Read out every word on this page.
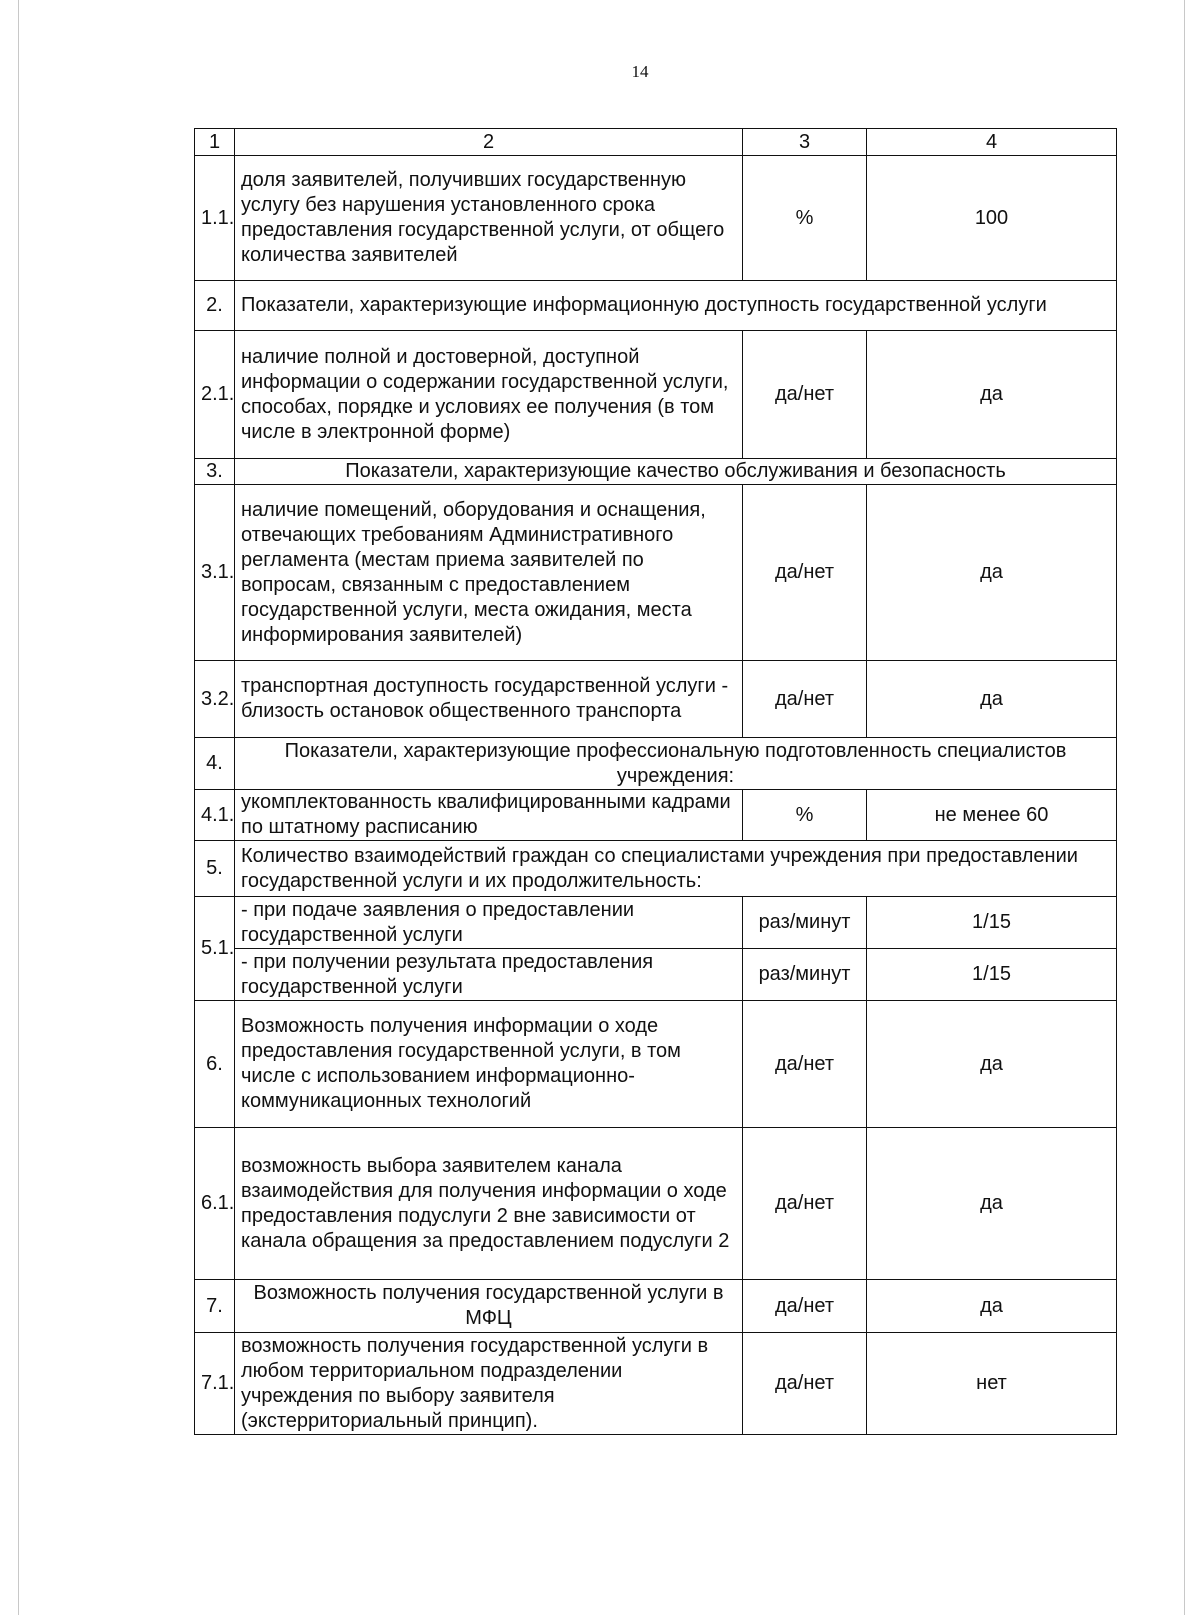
14
1	2	3	4
1.1.	доля заявителей, получивших государственную услугу без нарушения установленного срока предоставления государственной услуги, от общего количества заявителей	%	100
2.	Показатели, характеризующие информационную доступность государственной услуги		
2.1.	наличие полной и достоверной, доступной информации о содержании государственной услуги, способах, порядке и условиях ее получения (в том числе в электронной форме)	да/нет	да
3.	Показатели, характеризующие качество обслуживания и безопасность		
3.1.	наличие помещений, оборудования и оснащения, отвечающих требованиям Административного регламента (местам приема заявителей по вопросам, связанным с предоставлением государственной услуги, места ожидания, места информирования заявителей)	да/нет	да
3.2.	транспортная доступность государственной услуги - близость остановок общественного транспорта	да/нет	да
4.	Показатели, характеризующие профессиональную подготовленность специалистов учреждения:		
4.1.	укомплектованность квалифицированными кадрами по штатному расписанию	%	не менее 60
5.	Количество взаимодействий граждан со специалистами учреждения при предоставлении государственной услуги и их продолжительность:		
5.1.	- при подаче заявления о предоставлении государственной услуги	раз/минут	1/15
	- при получении результата предоставления государственной услуги	раз/минут	1/15
6.	Возможность получения информации о ходе предоставления государственной услуги, в том числе с использованием информационно-коммуникационных технологий	да/нет	да
6.1.	возможность выбора заявителем канала взаимодействия для получения информации о ходе предоставления подуслуги 2 вне зависимости от канала обращения за предоставлением подуслуги 2	да/нет	да
7.	Возможность получения государственной услуги в МФЦ	да/нет	да
7.1.	возможность получения государственной услуги в любом территориальном подразделении учреждения по выбору заявителя (экстерриториальный принцип).	да/нет	нет
